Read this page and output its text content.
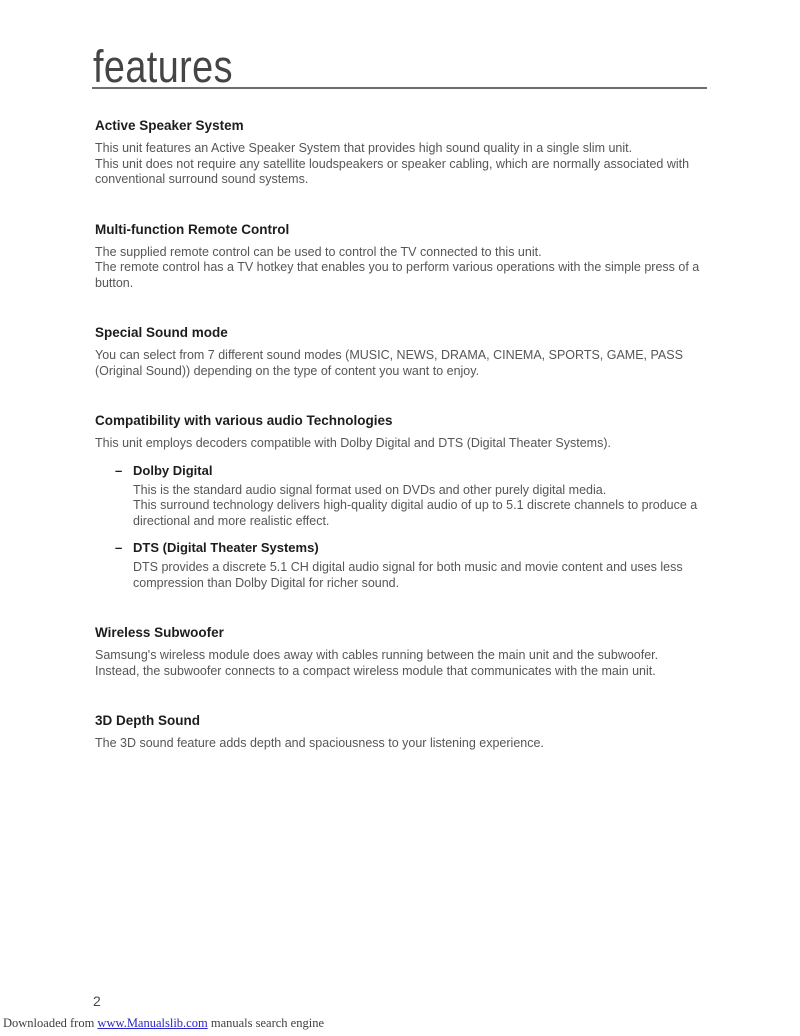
features
Active Speaker System

This unit features an Active Speaker System that provides high sound quality in a single slim unit.

This unit does not require any satellite loudspeakers or speaker cabling, which are normally associated with conventional surround sound systems.

Multi-function Remote Control

The supplied remote control can be used to control the TV connected to this unit.

The remote control has a TV hotkey that enables you to perform various operations with the simple press of a button.

Special Sound mode

You can select from 7 different sound modes (MUSIC, NEWS, DRAMA, CINEMA, SPORTS, GAME, PASS (Original Sound)) depending on the type of content you want to enjoy.

Compatibility with various audio Technologies

This unit employs decoders compatible with Dolby Digital and DTS (Digital Theater Systems).

– Dolby Digital

This is the standard audio signal format used on DVDs and other purely digital media.

This surround technology delivers high-quality digital audio of up to 5.1 discrete channels to produce a directional and more realistic effect.

– DTS (Digital Theater Systems)

DTS provides a discrete 5.1 CH digital audio signal for both music and movie content and uses less compression than Dolby Digital for richer sound.

Wireless Subwoofer

Samsung's wireless module does away with cables running between the main unit and the subwoofer.

Instead, the subwoofer connects to a compact wireless module that communicates with the main unit.

3D Depth Sound

The 3D sound feature adds depth and spaciousness to your listening experience.

2
Downloaded from www.Manualslib.com manuals search engine
